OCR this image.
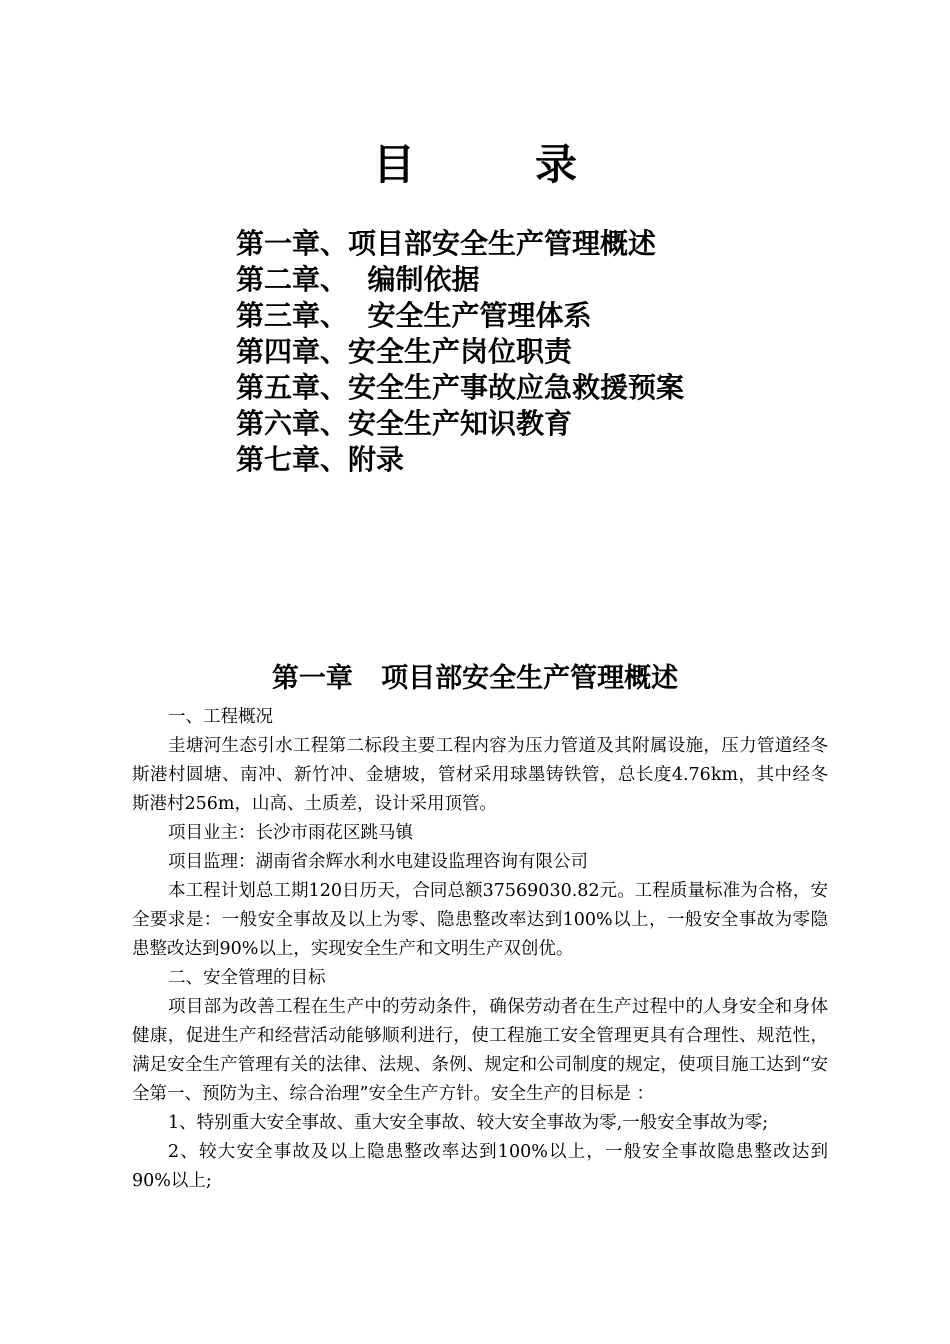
目	录
第一章、项目部安全生产管理概述
第二章、  编制依据
第三章、  安全生产管理体系
第四章、安全生产岗位职责
第五章、安全生产事故应急救援预案
第六章、安全生产知识教育
第七章、附录
第一章   项目部安全生产管理概述

一、工程概况

圭塘河生态引水工程第二标段主要工程内容为压力管道及其附属设施，压力管道经冬斯港村圆塘、南冲、新竹冲、金塘坡，管材采用球墨铸铁管，总长度4.76km，其中经冬斯港村256m，山高、土质差，设计采用顶管。

项目业主：长沙市雨花区跳马镇

项目监理：湖南省余辉水利水电建设监理咨询有限公司

本工程计划总工期120日历天，合同总额37569030.82元。工程质量标准为合格，安全要求是：一般安全事故及以上为零、隐患整改率达到100%以上，一般安全事故为零隐患整改达到90%以上，实现安全生产和文明生产双创优。

二、安全管理的目标

项目部为改善工程在生产中的劳动条件，确保劳动者在生产过程中的人身安全和身体健康，促进生产和经营活动能够顺利进行，使工程施工安全管理更具有合理性、规范性，满足安全生产管理有关的法律、法规、条例、规定和公司制度的规定，使项目施工达到“安全第一、预防为主、综合治理”安全生产方针。安全生产的目标是 ：

1、特别重大安全事故、重大安全事故、较大安全事故为零,一般安全事故为零;

2、较大安全事故及以上隐患整改率达到100%以上，一般安全事故隐患整改达到90%以上;
